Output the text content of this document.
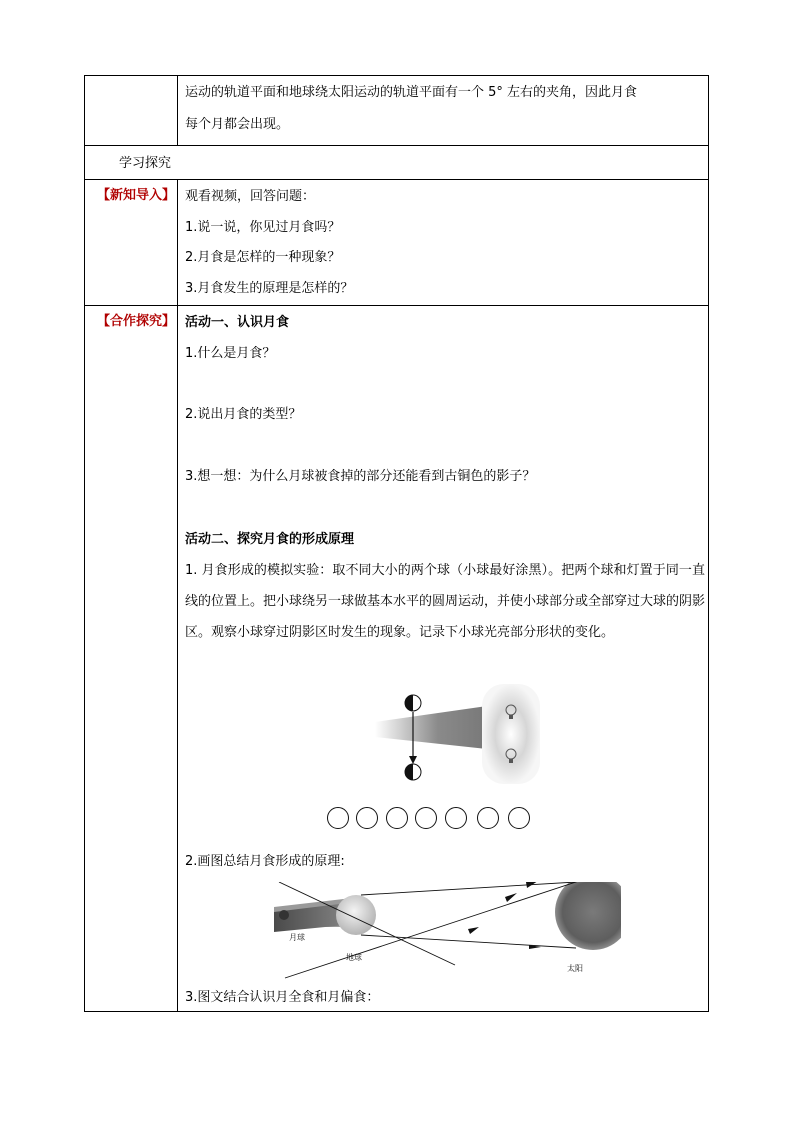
运动的轨道平面和地球绕太阳运动的轨道平面有一个 5° 左右的夹角，因此月食
每个月都会出现。
学习探究
【新知导入】 观看视频，回答问题：
1.说一说，你见过月食吗？
2.月食是怎样的一种现象？
3.月食发生的原理是怎样的？
【合作探究】 活动一、认识月食
1.什么是月食？
2.说出月食的类型？
3.想一想：为什么月球被食掉的部分还能看到古铜色的影子？
活动二、探究月食的形成原理
1. 月食形成的模拟实验：取不同大小的两个球（小球最好涂黑）。把两个球和灯置于同一直线的位置上。把小球绕另一球做基本水平的圆周运动，并使小球部分或全部穿过大球的阴影区。观察小球穿过阴影区时发生的现象。记录下小球光亮部分形状的变化。
2.画图总结月食形成的原理:
月球
地球
太阳
3.图文结合认识月全食和月偏食：
